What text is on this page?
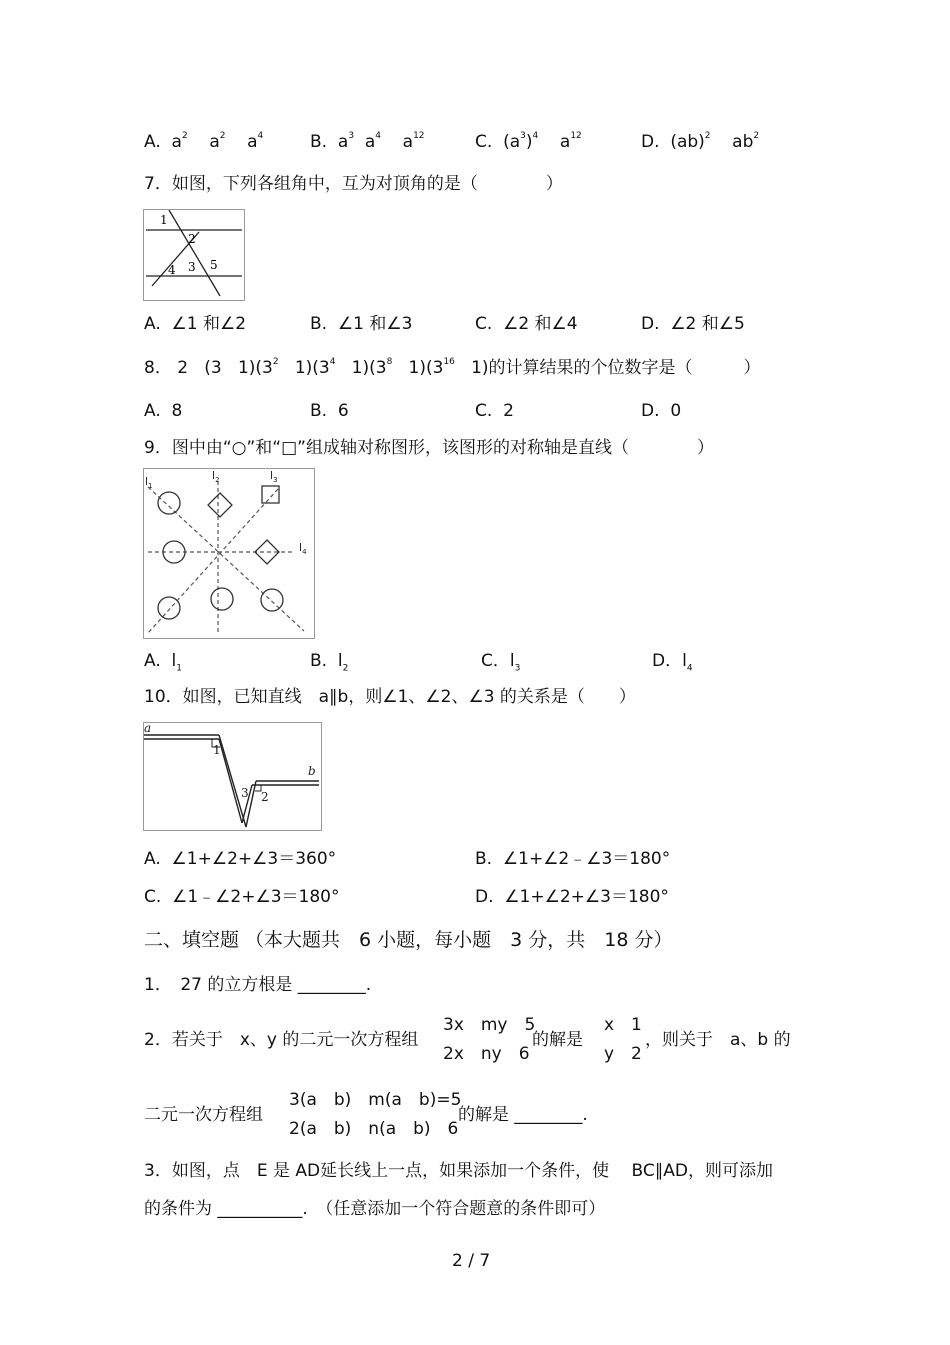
A. $a^2$ $a^2$ $a^4$	B. $a^3$ $a^4$ $a^{12}$	C. $(a^3)^4$ $a^{12}$	D. (ab)$^2$ $ab^2$
7．如图，下列各组角中，互为对顶角的是（　　　　）
1
2
3
4	5
A. ∠1 和∠2	B. ∠1 和∠3	C. ∠2 和∠4	D. ∠2 和∠5
8． 2 (3 $1)(3^2$ $1)(3^4$ $1)(3^8$ $1)(3^{16}$ 1)的计算结果的个位数字是（　　　）
A. 8	B. 6	C. 2	D. 0
9．图中由“○”和“□”组成轴对称图形，该图形的对称轴是直线（　　　　）
$l_1$
$l_2$	$l_3$
$l_4$
A. $l_1$	B. $l_2$	C．$l_3$	D．$l_4$
10．如图，已知直线　a∥b，则∠1、∠2、∠3 的关系是（　　）
a
b
1
2
3
A. ∠1+∠2+∠3＝360°	B. ∠1+∠2﹣∠3＝180°
C. ∠1﹣∠2+∠3＝180°	D. ∠1+∠2+∠3＝180°
二、填空题 （本大题共　6 小题，每小题　3 分，共　18 分）
1．　27 的立方根是 ________.
2．若关于　x、y 的二元一次方程组
3x　my　5
2x　ny　6
的解是
x　1
y　2
，则关于　a、b 的
二元一次方程组
3(a　b)　m(a　b)=5
2(a　b)　n(a　b)　6
的解是 ________.
3．如图，点　E 是 AD延长线上一点，如果添加一个条件，使　 BC∥AD，则可添加
的条件为 __________.　（任意添加一个符合题意的条件即可）
2 / 7
